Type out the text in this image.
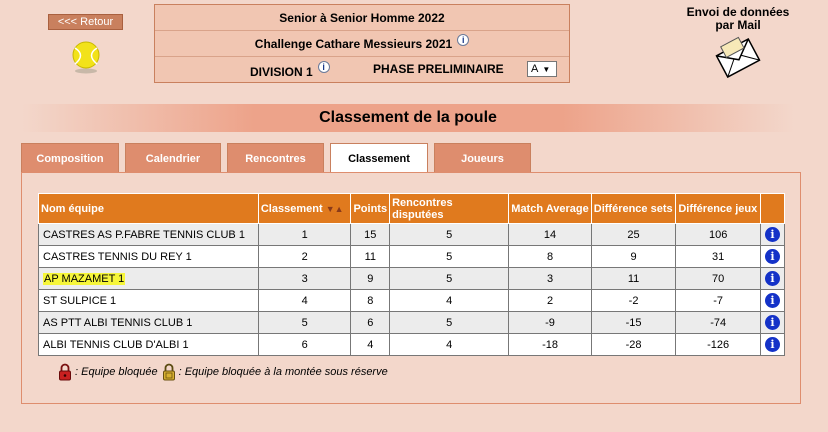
<<< Retour	Senior à Senior Homme 2022
Challenge Cathare Messieurs 2021	i
DIVISION 1 i	PHASE PRELIMINAIRE A ▼
Envoi de données
par Mail
Classement de la poule
Composition	Calendrier	Rencontres	Classement	Joueurs
Nom équipe	Classement ▼▲	Points	Rencontres disputées	Match Average	Différence sets	Différence jeux	
CASTRES AS P.FABRE TENNIS CLUB 1	1	15	5	14	25	106	i
CASTRES TENNIS DU REY 1	2	11	5	8	9	31	i
AP MAZAMET 1	3	9	5	3	11	70	i
ST SULPICE 1	4	8	4	2	-2	-7	i
AS PTT ALBI TENNIS CLUB 1	5	6	5	-9	-15	-74	i
ALBI TENNIS CLUB D'ALBI 1	6	4	4	-18	-28	-126	i
: Equipe bloquée : Equipe bloquée à la montée sous réserve
